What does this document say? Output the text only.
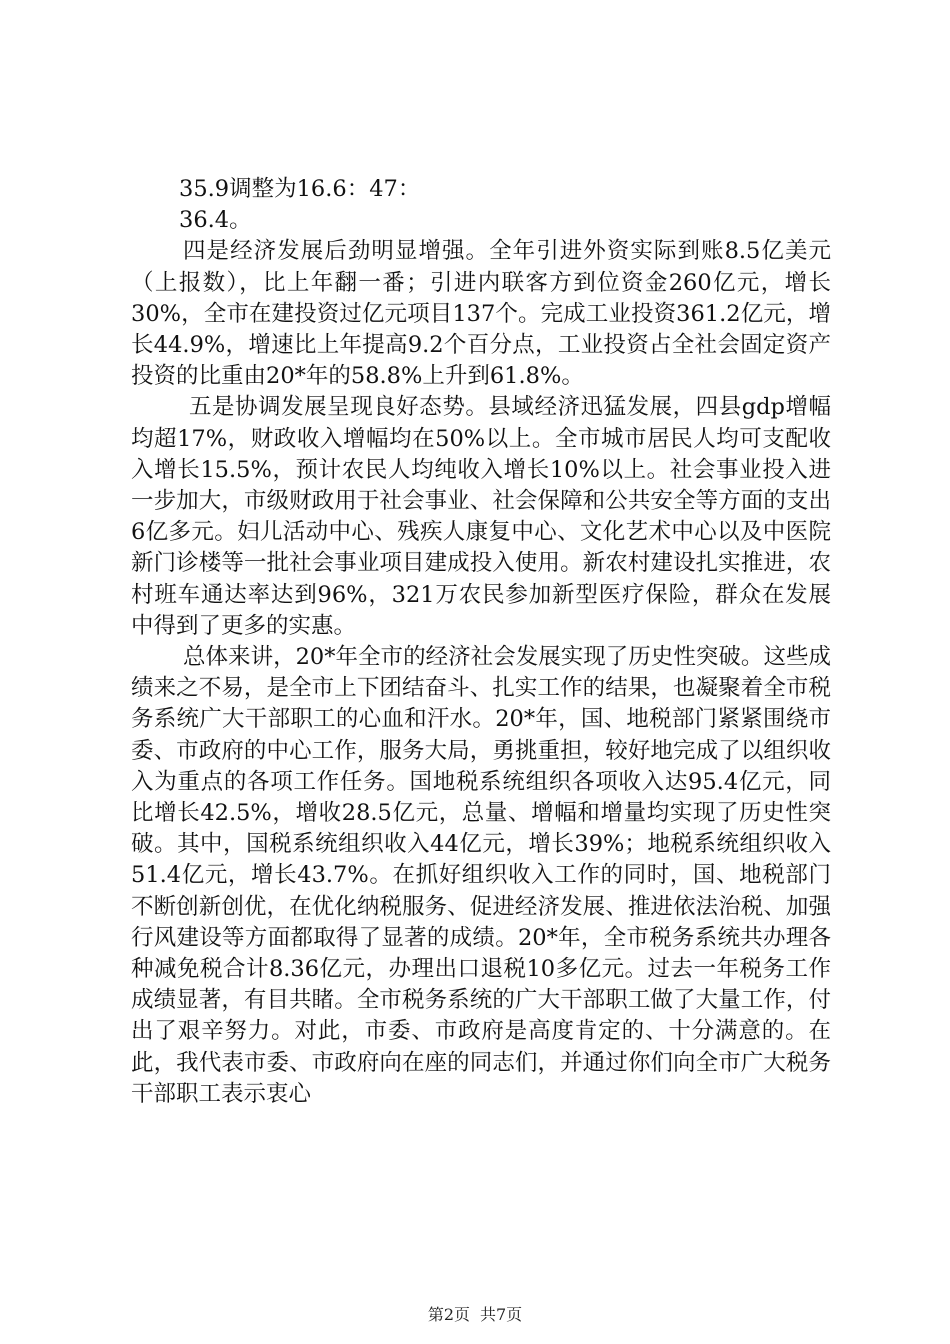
35.9调整为16.6：47：

36.4。

四是经济发展后劲明显增强。全年引进外资实际到账8.5亿美元（上报数），比上年翻一番；引进内联客方到位资金260亿元，增长30%，全市在建投资过亿元项目137个。完成工业投资361.2亿元，增长44.9%，增速比上年提高9.2个百分点，工业投资占全社会固定资产投资的比重由20*年的58.8%上升到61.8%。

五是协调发展呈现良好态势。县域经济迅猛发展，四县gdp增幅均超17%，财政收入增幅均在50%以上。全市城市居民人均可支配收入增长15.5%，预计农民人均纯收入增长10%以上。社会事业投入进一步加大，市级财政用于社会事业、社会保障和公共安全等方面的支出6亿多元。妇儿活动中心、残疾人康复中心、文化艺术中心以及中医院新门诊楼等一批社会事业项目建成投入使用。新农村建设扎实推进，农村班车通达率达到96%，321万农民参加新型医疗保险，群众在发展中得到了更多的实惠。

总体来讲，20*年全市的经济社会发展实现了历史性突破。这些成绩来之不易，是全市上下团结奋斗、扎实工作的结果，也凝聚着全市税务系统广大干部职工的心血和汗水。20*年，国、地税部门紧紧围绕市委、市政府的中心工作，服务大局，勇挑重担，较好地完成了以组织收入为重点的各项工作任务。国地税系统组织各项收入达95.4亿元，同比增长42.5%，增收28.5亿元，总量、增幅和增量均实现了历史性突破。其中，国税系统组织收入44亿元，增长39%；地税系统组织收入51.4亿元，增长43.7%。在抓好组织收入工作的同时，国、地税部门不断创新创优，在优化纳税服务、促进经济发展、推进依法治税、加强行风建设等方面都取得了显著的成绩。20*年，全市税务系统共办理各种减免税合计8.36亿元，办理出口退税10多亿元。过去一年税务工作成绩显著，有目共睹。全市税务系统的广大干部职工做了大量工作，付出了艰辛努力。对此，市委、市政府是高度肯定的、十分满意的。在此，我代表市委、市政府向在座的同志们，并通过你们向全市广大税务干部职工表示衷心

第2页 共7页
